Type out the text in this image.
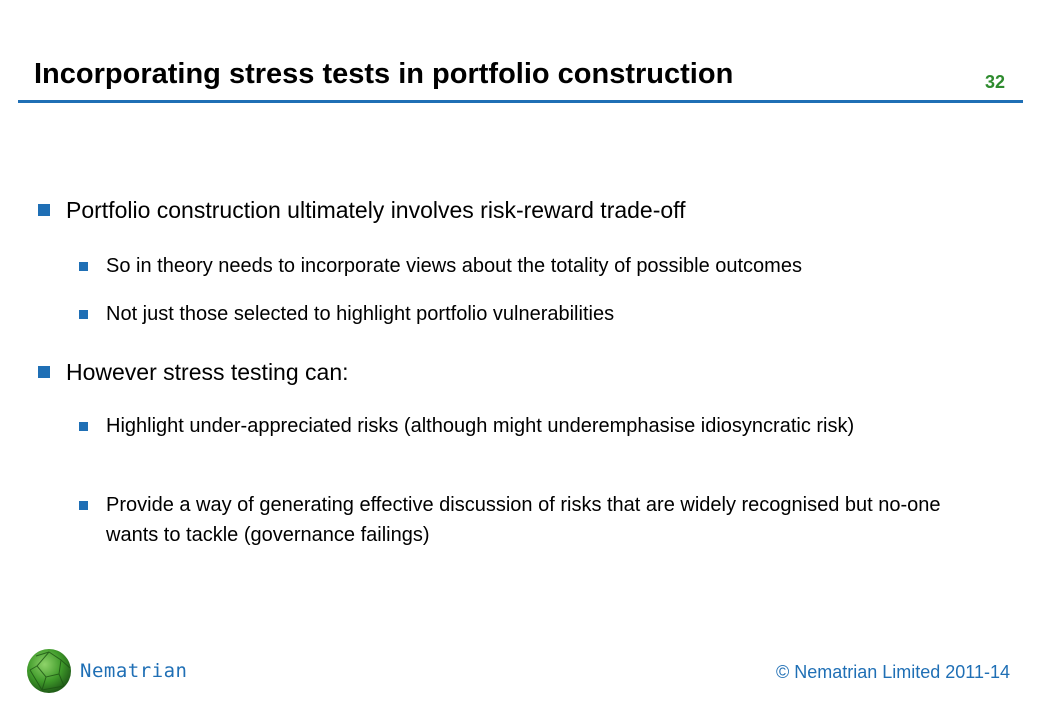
Incorporating stress tests in portfolio construction	32
Portfolio construction ultimately involves risk-reward trade-off
So in theory needs to incorporate views about the totality of possible outcomes
Not just those selected to highlight portfolio vulnerabilities
However stress testing can:
Highlight under-appreciated risks (although might underemphasise idiosyncratic risk)
Provide a way of generating effective discussion of risks that are widely recognised but no-one wants to tackle (governance failings)
Nematrian	© Nematrian Limited 2011-14
